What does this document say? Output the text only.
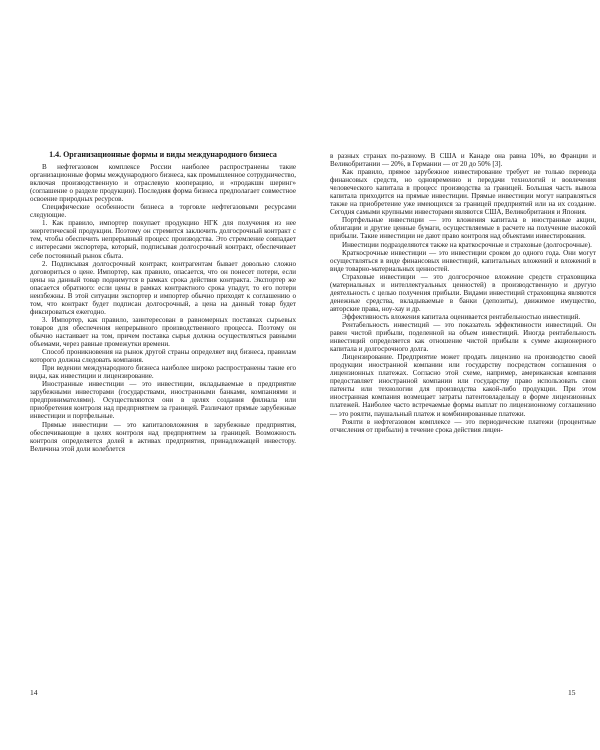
1.4. Организационные формы и виды международного бизнеса

В нефтегазовом комплексе России наиболее распространены такие организационные формы международного бизнеса, как промышленное сотрудничество, включая производственную и отраслевую кооперацию, и «продакшн шеринг» (соглашение о разделе продукции). Последняя форма бизнеса предполагает совместное освоение природных ресурсов.

Специфические особенности бизнеса в торговле нефтегазовыми ресурсами следующие.

1. Как правило, импортер покупает продукцию НГК для получения из нее энергетической продукции. Поэтому он стремится заключить долгосрочный контракт с тем, чтобы обеспечить непрерывный процесс производства. Это стремление совпадает с интересами экспортера, который, подписывая долгосрочный контракт, обеспечивает себе постоянный рынок сбыта.

2. Подписывая долгосрочный контракт, контрагентам бывает довольно сложно договориться о цене. Импортер, как правило, опасается, что он понесет потери, если цены на данный товар поднимутся в рамках срока действия контракта. Экспортер же опасается обратного: если цены в рамках контрактного срока упадут, то его потери неизбежны. В этой ситуации экспортер и импортер обычно приходят к соглашению о том, что контракт будет подписан долгосрочный, а цена на данный товар будет фиксироваться ежегодно.

3. Импортер, как правило, заинтересован в равномерных поставках сырьевых товаров для обеспечения непрерывного производственного процесса. Поэтому он обычно настаивает на том, причем поставка сырья должна осуществляться равными объемами, через равные промежутки времени.

Способ проникновения на рынок другой страны определяет вид бизнеса, правилам которого должна следовать компания.

При ведении международного бизнеса наиболее широко распространены такие его виды, как инвестиции и лицензирование.

Иностранные инвестиции — это инвестиции, вкладываемые в предприятие зарубежными инвесторами (государствами, иностранными банками, компаниями и предпринимателями). Осуществляются они в целях создания филиала или приобретения контроля над предприятием за границей. Различают прямые зарубежные инвестиции и портфельные.

Прямые инвестиции — это капиталовложения в зарубежные предприятия, обеспечивающие в целях контроля над предприятием за границей. Возможность контроля определяется долей в активах предприятия, принадлежащей инвестору. Величина этой доли колеблется

в разных странах по-разному. В США и Канаде она равна 10%, во Франции и Великобритании — 20%, в Германии — от 20 до 50% [3].

Как правило, прямое зарубежное инвестирование требует не только перевода финансовых средств, но одновременно и передачи технологий и вовлечения человеческого капитала в процесс производства за границей. Большая часть вывоза капитала приходится на прямые инвестиции. Прямые инвестиции могут направляться также на приобретение уже имеющихся за границей предприятий или на их создание. Сегодня самыми крупными инвесторами являются США, Великобритания и Япония.

Портфельные инвестиции — это вложения капитала в иностранные акции, облигации и другие ценные бумаги, осуществляемые в расчете на получение высокой прибыли. Такие инвестиции не дают право контроля над объектами инвестирования.

Инвестиции подразделяются также на краткосрочные и страховые (долгосрочные).

Краткосрочные инвестиции — это инвестиции сроком до одного года. Они могут осуществляться в виде финансовых инвестиций, капитальных вложений и вложений в виде товарно-материальных ценностей.

Страховые инвестиции — это долгосрочное вложение средств страховщика (материальных и интеллектуальных ценностей) в производственную и другую деятельность с целью получения прибыли. Видами инвестиций страховщика являются денежные средства, вкладываемые в банки (депозиты), движимое имущество, авторские права, ноу-хау и др.

Эффективность вложения капитала оценивается рентабельностью инвестиций.

Рентабельность инвестиций — это показатель эффективности инвестиций. Он равен чистой прибыли, поделенной на объем инвестиций. Иногда рентабельность инвестиций определяется как отношение чистой прибыли к сумме акционерного капитала и долгосрочного долга.

Лицензирование. Предприятие может продать лицензию на производство своей продукции иностранной компании или государству посредством соглашения о лицензионных платежах. Согласно этой схеме, например, американская компания предоставляет иностранной компании или государству право использовать свои патенты или технологии для производства какой-либо продукции. При этом иностранная компания возмещает затраты патентовладельцу в форме лицензионных платежей. Наиболее часто встречаемые формы выплат по лицензионному соглашению — это роялти, паушальный платеж и комбинированные платежи.

Роялти в нефтегазовом комплексе — это периодические платежи (процентные отчисления от прибыли) в течение срока действия лицен-

14	15
